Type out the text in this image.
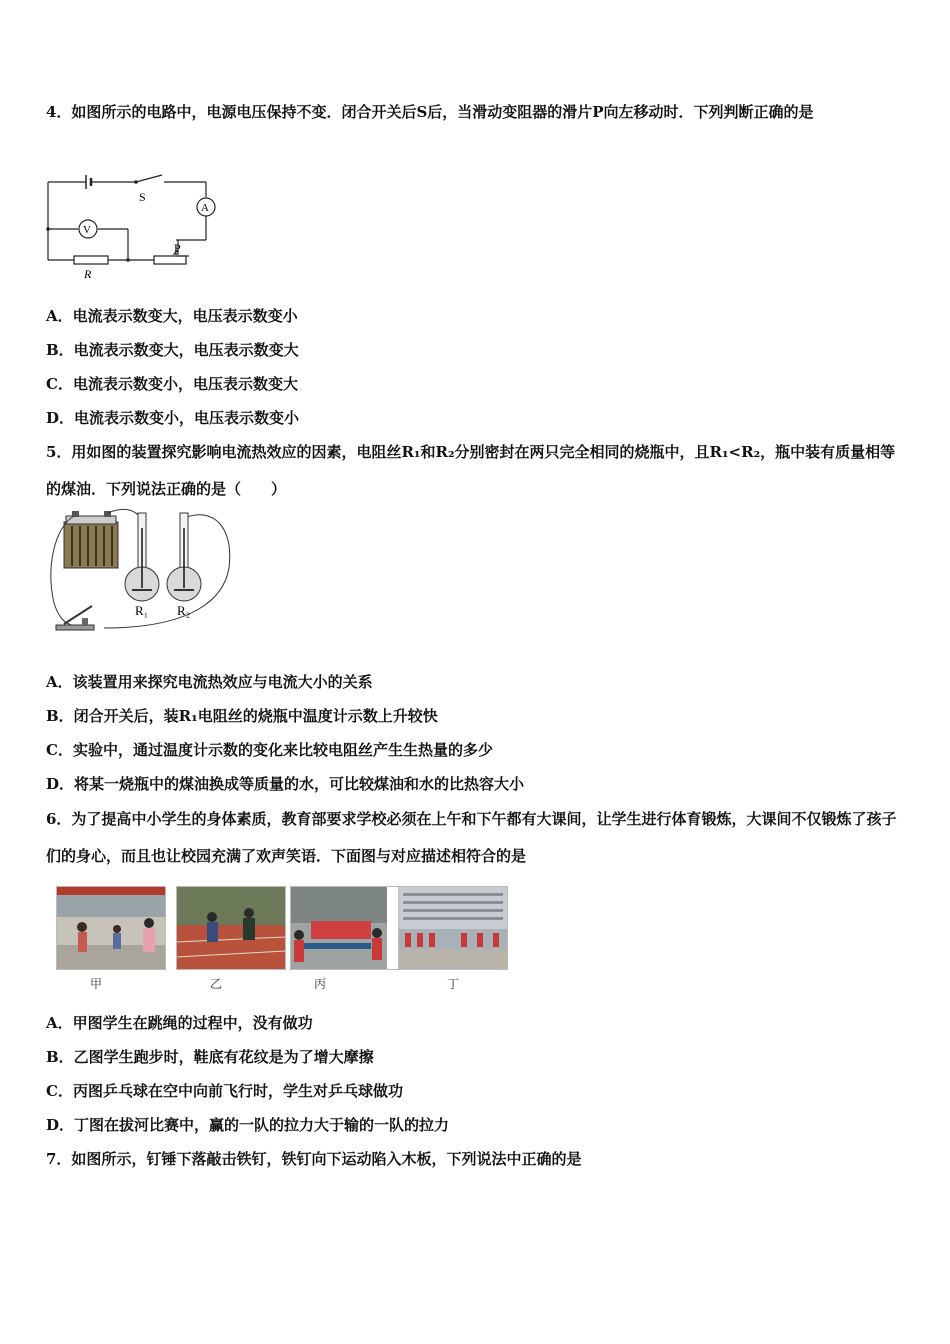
4．如图所示的电路中，电源电压保持不变．闭合开关后S后，当滑动变阻器的滑片P向左移动时．下列判断正确的是
S
A
V
P
R
A．电流表示数变大，电压表示数变小
B．电流表示数变大，电压表示数变大
C．电流表示数变小，电压表示数变大
D．电流表示数变小，电压表示数变小
5．用如图的装置探究影响电流热效应的因素，电阻丝R₁和R₂分别密封在两只完全相同的烧瓶中，且R₁<R₂，瓶中装有质量相等的煤油．下列说法正确的是（　　）
R₁ R₂
A．该装置用来探究电流热效应与电流大小的关系
B．闭合开关后，装R₁电阻丝的烧瓶中温度计示数上升较快
C．实验中，通过温度计示数的变化来比较电阻丝产生生热量的多少
D．将某一烧瓶中的煤油换成等质量的水，可比较煤油和水的比热容大小
6．为了提高中小学生的身体素质，教育部要求学校必须在上午和下午都有大课间，让学生进行体育锻炼，大课间不仅锻炼了孩子们的身心，而且也让校园充满了欢声笑语．下面图与对应描述相符合的是
甲	乙	丙	丁
A．甲图学生在跳绳的过程中，没有做功
B．乙图学生跑步时，鞋底有花纹是为了增大摩擦
C．丙图乒乓球在空中向前飞行时，学生对乒乓球做功
D．丁图在拔河比赛中，赢的一队的拉力大于输的一队的拉力
7．如图所示，钉锤下落敲击铁钉，铁钉向下运动陷入木板，下列说法中正确的是
